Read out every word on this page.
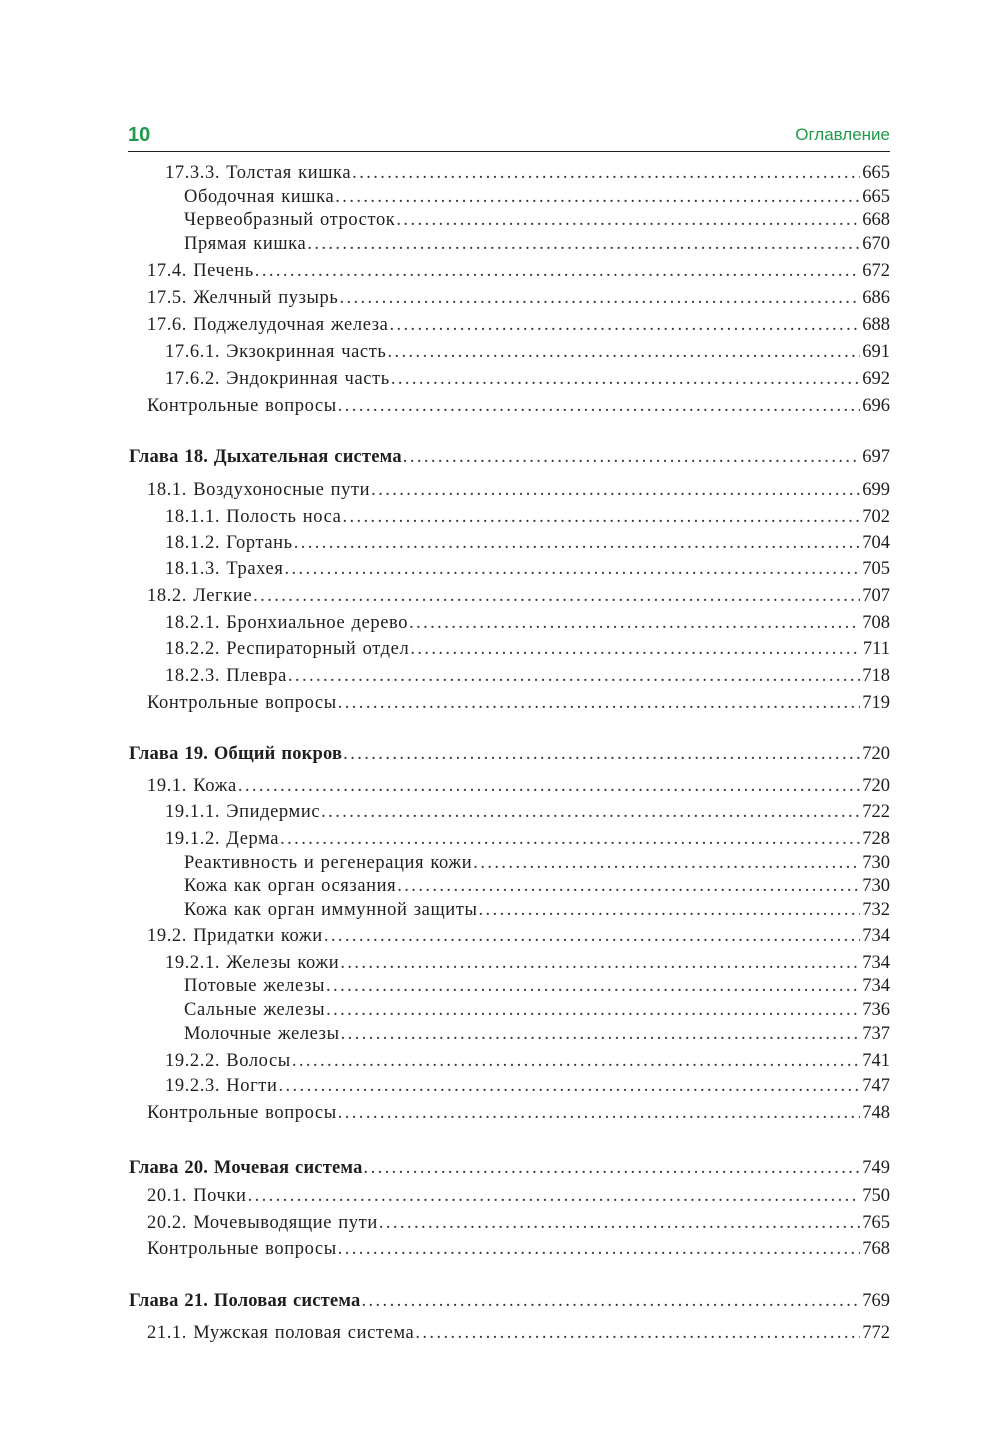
10	Оглавление
17.3.3. Толстая кишка .....	665
Ободочная кишка .....	665
Червеобразный отросток .....	668
Прямая кишка .....	670
17.4. Печень .....	672
17.5. Желчный пузырь .....	686
17.6. Поджелудочная железа .....	688
17.6.1. Экзокринная часть .....	691
17.6.2. Эндокринная часть .....	692
Контрольные вопросы .....	696
Глава 18. Дыхательная система .....	697
18.1. Воздухоносные пути .....	699
18.1.1. Полость носа .....	702
18.1.2. Гортань .....	704
18.1.3. Трахея .....	705
18.2. Легкие .....	707
18.2.1. Бронхиальное дерево .....	708
18.2.2. Респираторный отдел .....	711
18.2.3. Плевра .....	718
Контрольные вопросы .....	719
Глава 19. Общий покров .....	720
19.1. Кожа .....	720
19.1.1. Эпидермис .....	722
19.1.2. Дерма .....	728
Реактивность и регенерация кожи .....	730
Кожа как орган осязания .....	730
Кожа как орган иммунной защиты .....	732
19.2. Придатки кожи .....	734
19.2.1. Железы кожи .....	734
Потовые железы .....	734
Сальные железы .....	736
Молочные железы .....	737
19.2.2. Волосы .....	741
19.2.3. Ногти .....	747
Контрольные вопросы .....	748
Глава 20. Мочевая система .....	749
20.1. Почки .....	750
20.2. Мочевыводящие пути .....	765
Контрольные вопросы .....	768
Глава 21. Половая система .....	769
21.1. Мужская половая система .....	772
